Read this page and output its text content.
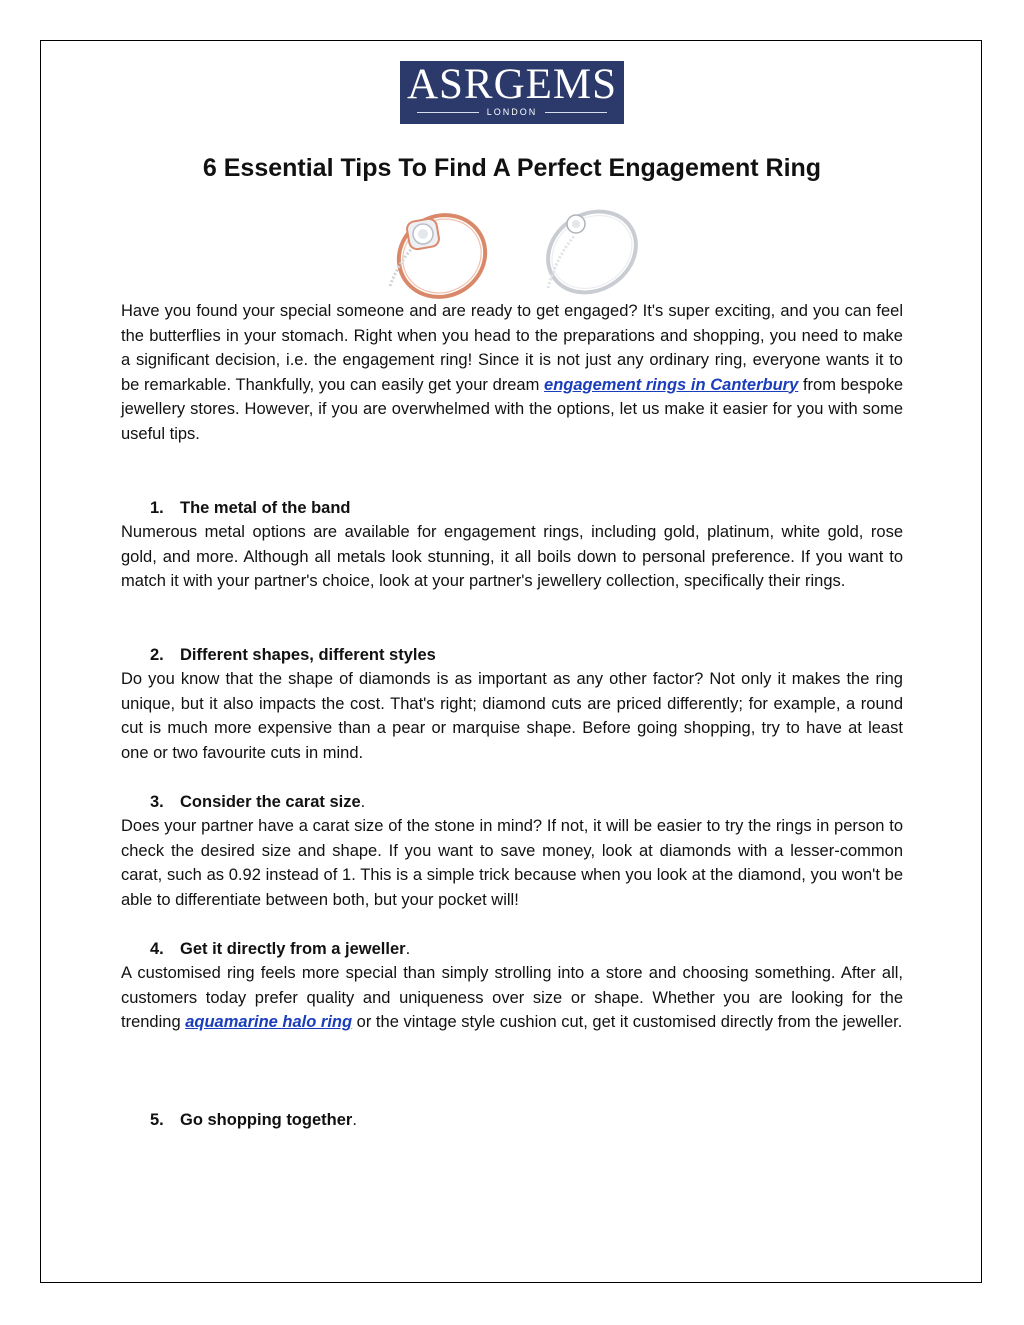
ASRGEMS
LONDON
6 Essential Tips To Find A Perfect Engagement Ring
Have you found your special someone and are ready to get engaged? It's super exciting, and you can feel the butterflies in your stomach. Right when you head to the preparations and shopping, you need to make a significant decision, i.e. the engagement ring! Since it is not just any ordinary ring, everyone wants it to be remarkable. Thankfully, you can easily get your dream engagement rings in Canterbury from bespoke jewellery stores. However, if you are overwhelmed with the options, let us make it easier for you with some useful tips.
1. The metal of the band
Numerous metal options are available for engagement rings, including gold, platinum, white gold, rose gold, and more. Although all metals look stunning, it all boils down to personal preference. If you want to match it with your partner's choice, look at your partner's jewellery collection, specifically their rings.
2. Different shapes, different styles
Do you know that the shape of diamonds is as important as any other factor? Not only it makes the ring unique, but it also impacts the cost. That's right; diamond cuts are priced differently; for example, a round cut is much more expensive than a pear or marquise shape. Before going shopping, try to have at least one or two favourite cuts in mind.
3. Consider the carat size.
Does your partner have a carat size of the stone in mind? If not, it will be easier to try the rings in person to check the desired size and shape. If you want to save money, look at diamonds with a lesser-common carat, such as 0.92 instead of 1. This is a simple trick because when you look at the diamond, you won't be able to differentiate between both, but your pocket will!
4. Get it directly from a jeweller.
A customised ring feels more special than simply strolling into a store and choosing something. After all, customers today prefer quality and uniqueness over size or shape. Whether you are looking for the trending aquamarine halo ring or the vintage style cushion cut, get it customised directly from the jeweller.
5. Go shopping together.
